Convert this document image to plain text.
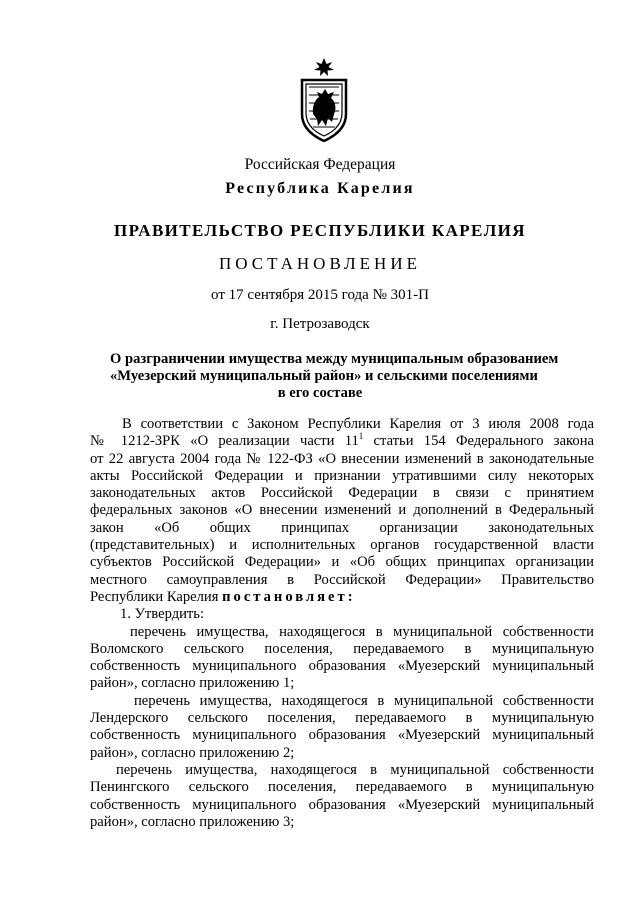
Российская Федерация
Республика Карелия
ПРАВИТЕЛЬСТВО РЕСПУБЛИКИ КАРЕЛИЯ
ПОСТАНОВЛЕНИЕ
от 17 сентября 2015 года № 301-П
г. Петрозаводск
О разграничении имущества между муниципальным образованием
«Муезерский муниципальный район» и сельскими поселениями
в его составе
В соответствии с Законом Республики Карелия от 3 июля 2008 года
№ 1212-ЗРК «О реализации части $11^1$ статьи 154 Федерального закона
от 22 августа 2004 года № 122-ФЗ «О внесении изменений в законодательные
акты Российской Федерации и признании утратившими силу некоторых
законодательных актов Российской Федерации в связи с принятием
федеральных законов «О внесении изменений и дополнений в Федеральный
закон «Об общих принципах организации законодательных
(представительных) и исполнительных органов государственной власти
субъектов Российской Федерации» и «Об общих принципах организации
местного самоуправления в Российской Федерации» Правительство
Республики Карелия постановляет:
1. Утвердить:
перечень имущества, находящегося в муниципальной собственности
Воломского сельского поселения, передаваемого в муниципальную
собственность муниципального образования «Муезерский муниципальный
район», согласно приложению 1;
перечень имущества, находящегося в муниципальной собственности
Лендерского сельского поселения, передаваемого в муниципальную
собственность муниципального образования «Муезерский муниципальный
район», согласно приложению 2;
перечень имущества, находящегося в муниципальной собственности
Пенингского сельского поселения, передаваемого в муниципальную
собственность муниципального образования «Муезерский муниципальный
район», согласно приложению 3;
